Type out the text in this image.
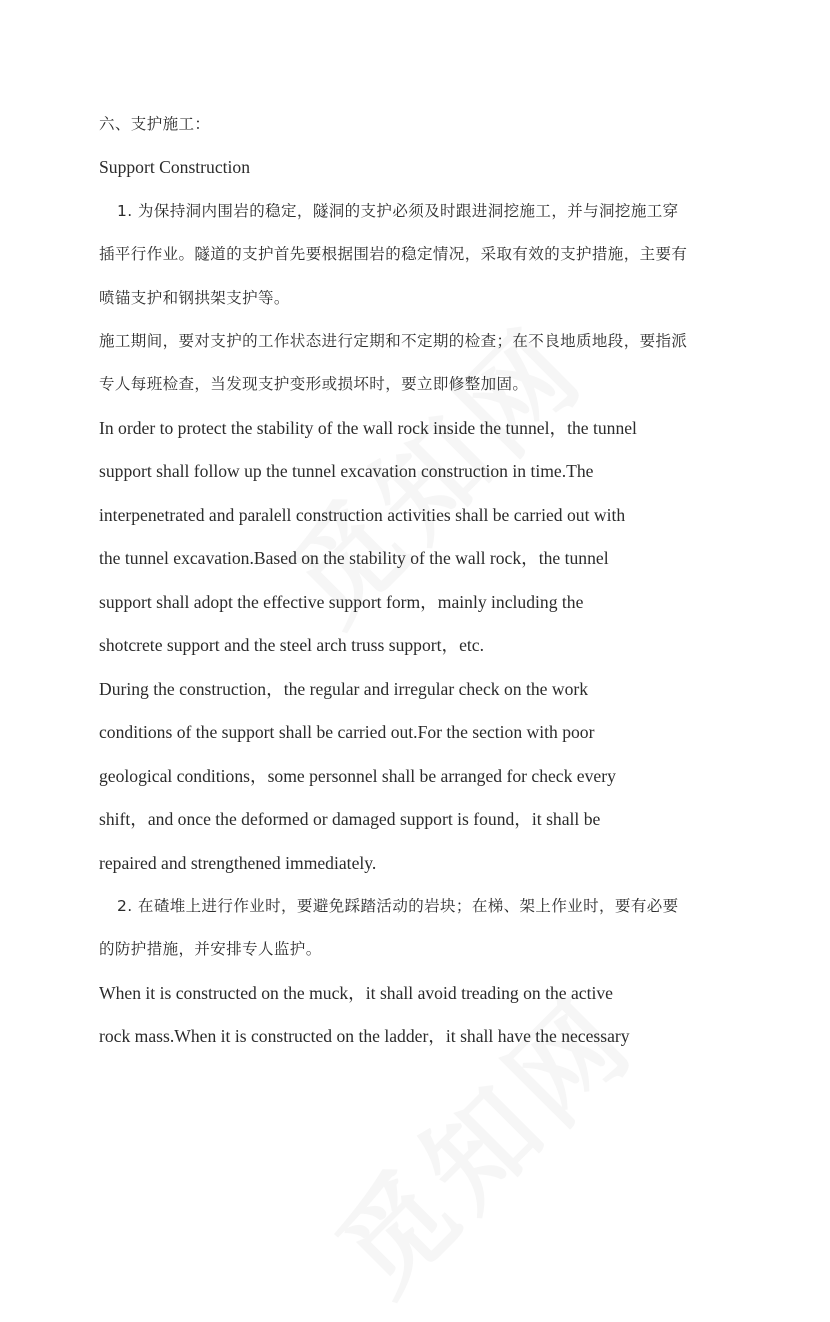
六、支护施工：
Support Construction
1. 为保持洞内围岩的稳定，隧洞的支护必须及时跟进洞挖施工，并与洞挖施工穿
插平行作业。隧道的支护首先要根据围岩的稳定情况，采取有效的支护措施，主要有
喷锚支护和钢拱架支护等。
施工期间，要对支护的工作状态进行定期和不定期的检查；在不良地质地段，要指派
专人每班检查，当发现支护变形或损坏时，要立即修整加固。
In order to protect the stability of the wall rock inside the tunnel，the tunnel
support shall follow up the tunnel excavation construction in time.The
interpenetrated and paralell construction activities shall be carried out with
the tunnel excavation.Based on the stability of the wall rock，the tunnel
support shall adopt the effective support form，mainly including the
shotcrete support and the steel arch truss support，etc.
During the construction，the regular and irregular check on the work
conditions of the support shall be carried out.For the section with poor
geological conditions，some personnel shall be arranged for check every
shift，and once the deformed or damaged support is found，it shall be
repaired and strengthened immediately.
2. 在碴堆上进行作业时，要避免踩踏活动的岩块；在梯、架上作业时，要有必要
的防护措施，并安排专人监护。
When it is constructed on the muck，it shall avoid treading on the active
rock mass.When it is constructed on the ladder，it shall have the necessary
